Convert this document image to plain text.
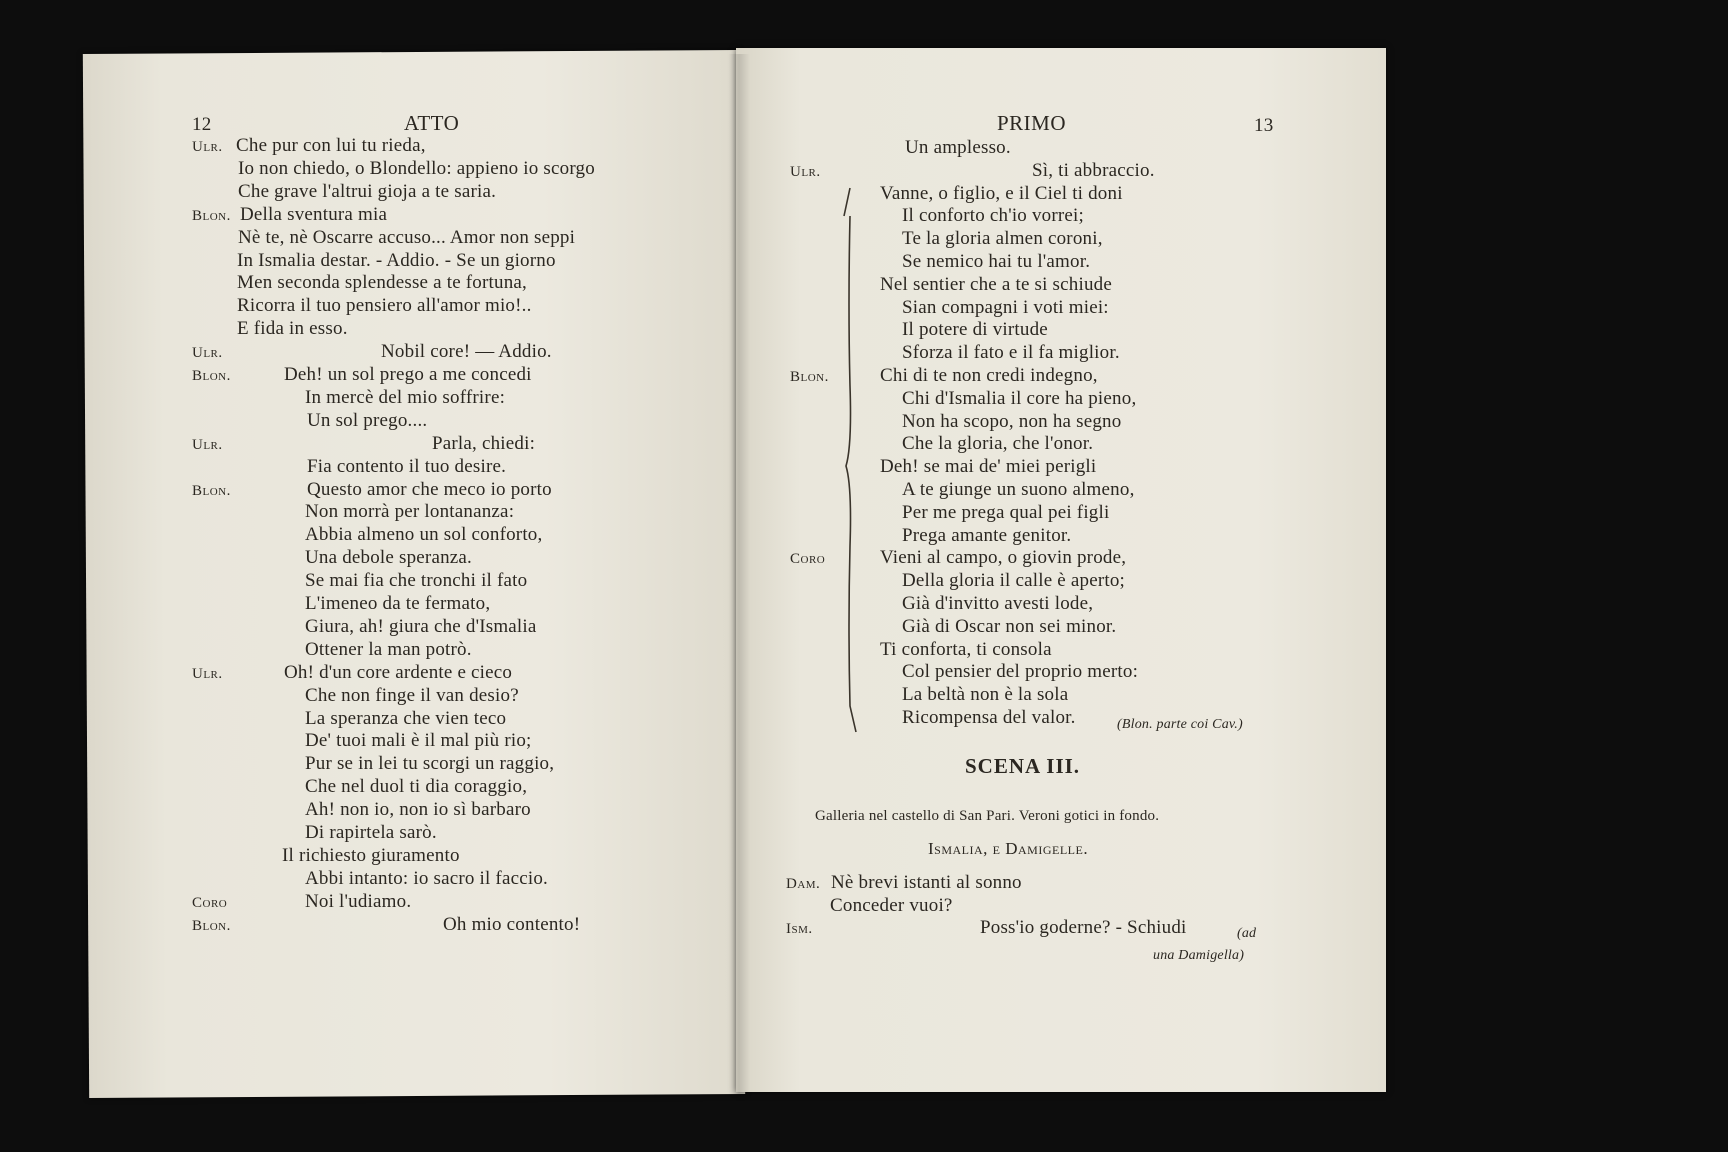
12	ATTO
Ulr. Che pur con lui tu rieda,
Io non chiedo, o Blondello: appieno io scorgo
Che grave l'altrui gioja a te saria.
Blon. Della sventura mia
Nè te, nè Oscarre accuso... Amor non seppi
In Ismalia destar. - Addio. - Se un giorno
Men seconda splendesse a te fortuna,
Ricorra il tuo pensiero all'amor mio!..
E fida in esso.
Ulr.	Nobil core! — Addio.
Blon.	Deh! un sol prego a me concedi
In mercè del mio soffrire:
Un sol prego....
Ulr.	Parla, chiedi:
Fia contento il tuo desire.
Blon.	Questo amor che meco io porto
Non morrà per lontananza:
Abbia almeno un sol conforto,
Una debole speranza.
Se mai fia che tronchi il fato
L'imeneo da te fermato,
Giura, ah! giura che d'Ismalia
Ottener la man potrò.
Ulr.	Oh! d'un core ardente e cieco
Che non finge il van desio?
La speranza che vien teco
De' tuoi mali è il mal più rio;
Pur se in lei tu scorgi un raggio,
Che nel duol ti dia coraggio,
Ah! non io, non io sì barbaro
Di rapirtela sarò.
Il richiesto giuramento
Abbi intanto: io sacro il faccio.
Coro	Noi l'udiamo.
Blon.	Oh mio contento!
PRIMO	13
Un amplesso.
Ulr.	Sì, ti abbraccio.
Vanne, o figlio, e il Ciel ti doni
Il conforto ch'io vorrei;
Te la gloria almen coroni,
Se nemico hai tu l'amor.
Nel sentier che a te si schiude
Sian compagni i voti miei:
Il potere di virtude
Sforza il fato e il fa miglior.
Blon.	Chi di te non credi indegno,
Chi d'Ismalia il core ha pieno,
Non ha scopo, non ha segno
Che la gloria, che l'onor.
Deh! se mai de' miei perigli
A te giunge un suono almeno,
Per me prega qual pei figli
Prega amante genitor.
Coro	Vieni al campo, o giovin prode,
Della gloria il calle è aperto;
Già d'invitto avesti lode,
Già di Oscar non sei minor.
Ti conforta, ti consola
Col pensier del proprio merto:
La beltà non è la sola
Ricompensa del valor.	(Blon. parte coi Cav.)
SCENA III.
Galleria nel castello di San Pari. Veroni gotici in fondo.
Ismalia, e Damigelle.
Dam. Nè brevi istanti al sonno
Conceder vuoi?
Ism.	Poss'io goderne? - Schiudi	(ad
una Damigella)
